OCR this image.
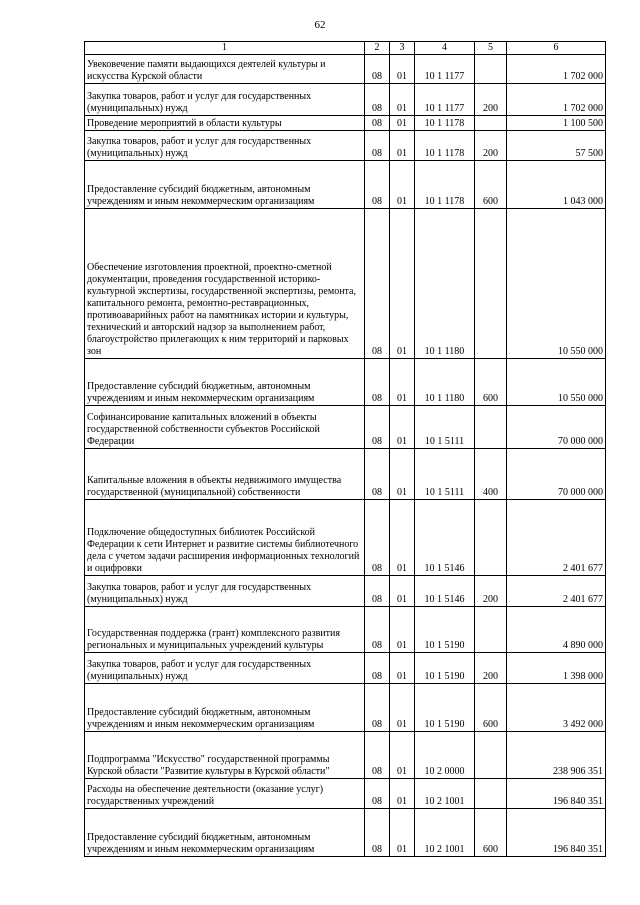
62
1	2	3	4	5	6
Увековечение памяти выдающихся деятелей культуры и искусства Курской области	08	01	10 1 1177		1 702 000
Закупка товаров, работ и услуг для государственных (муниципальных) нужд	08	01	10 1 1177	200	1 702 000
Проведение мероприятий в области культуры	08	01	10 1 1178		1 100 500
Закупка товаров, работ и услуг для государственных (муниципальных) нужд	08	01	10 1 1178	200	57 500
Предоставление субсидий бюджетным, автономным учреждениям и иным некоммерческим организациям	08	01	10 1 1178	600	1 043 000
Обеспечение изготовления проектной, проектно-сметной документации, проведения государственной историко-культурной экспертизы, государственной экспертизы, ремонта, капитального ремонта, ремонтно-реставрационных, противоаварийных работ на памятниках истории и культуры, технический и авторский надзор за выполнением работ, благоустройство прилегающих к ним территорий и парковых зон	08	01	10 1 1180		10 550 000
Предоставление субсидий бюджетным, автономным учреждениям и иным некоммерческим организациям	08	01	10 1 1180	600	10 550 000
Софинансирование капитальных вложений в объекты государственной собственности субъектов Российской Федерации	08	01	10 1 5111		70 000 000
Капитальные вложения в объекты недвижимого имущества государственной (муниципальной) собственности	08	01	10 1 5111	400	70 000 000
Подключение общедоступных библиотек Российской Федерации к сети Интернет и развитие системы библиотечного дела с учетом задачи расширения информационных технологий и оцифровки	08	01	10 1 5146		2 401 677
Закупка товаров, работ и услуг для государственных (муниципальных) нужд	08	01	10 1 5146	200	2 401 677
Государственная поддержка (грант) комплексного развития региональных и муниципальных учреждений культуры	08	01	10 1 5190		4 890 000
Закупка товаров, работ и услуг для государственных (муниципальных) нужд	08	01	10 1 5190	200	1 398 000
Предоставление субсидий бюджетным, автономным учреждениям и иным некоммерческим организациям	08	01	10 1 5190	600	3 492 000
Подпрограмма "Искусство" государственной программы Курской области "Развитие культуры в Курской области"	08	01	10 2 0000		238 906 351
Расходы на обеспечение деятельности (оказание услуг) государственных учреждений	08	01	10 2 1001		196 840 351
Предоставление субсидий бюджетным, автономным учреждениям и иным некоммерческим организациям	08	01	10 2 1001	600	196 840 351
